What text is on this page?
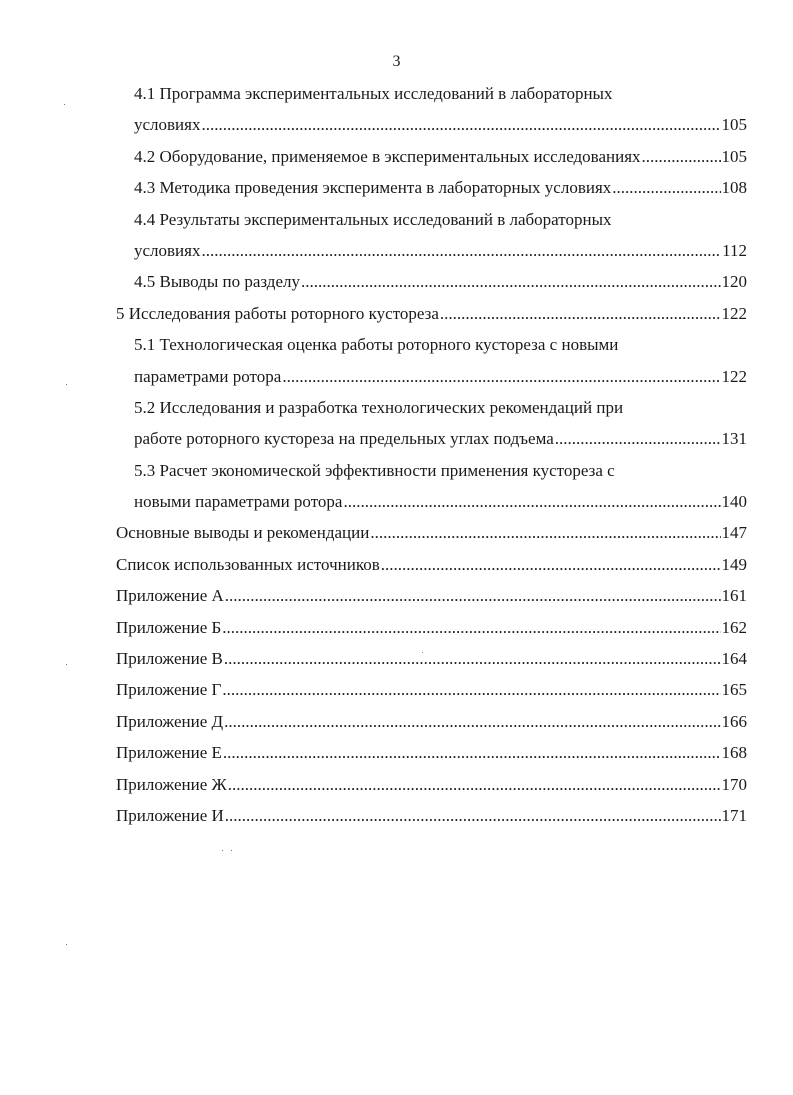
3
4.1 Программа экспериментальных исследований в лабораторных
условиях .....	105
4.2 Оборудование, применяемое в экспериментальных исследованиях .....	105
4.3 Методика проведения эксперимента в лабораторных условиях .....	108
4.4 Результаты экспериментальных исследований в лабораторных
условиях .....	112
4.5 Выводы по разделу .....	120
5 Исследования работы роторного кустореза .....	122
5.1 Технологическая оценка работы роторного кустореза с новыми
параметрами ротора .....	122
5.2 Исследования и разработка технологических рекомендаций при
работе роторного кустореза на предельных углах подъема .....	131
5.3 Расчет экономической эффективности применения кустореза с
новыми параметрами ротора .....	140
Основные выводы и рекомендации .....	147
Список использованных источников .....	149
Приложение А .....	161
Приложение Б .....	162
Приложение В .....	164
Приложение Г .....	165
Приложение Д .....	166
Приложение Е .....	168
Приложение Ж .....	170
Приложение И .....	171
